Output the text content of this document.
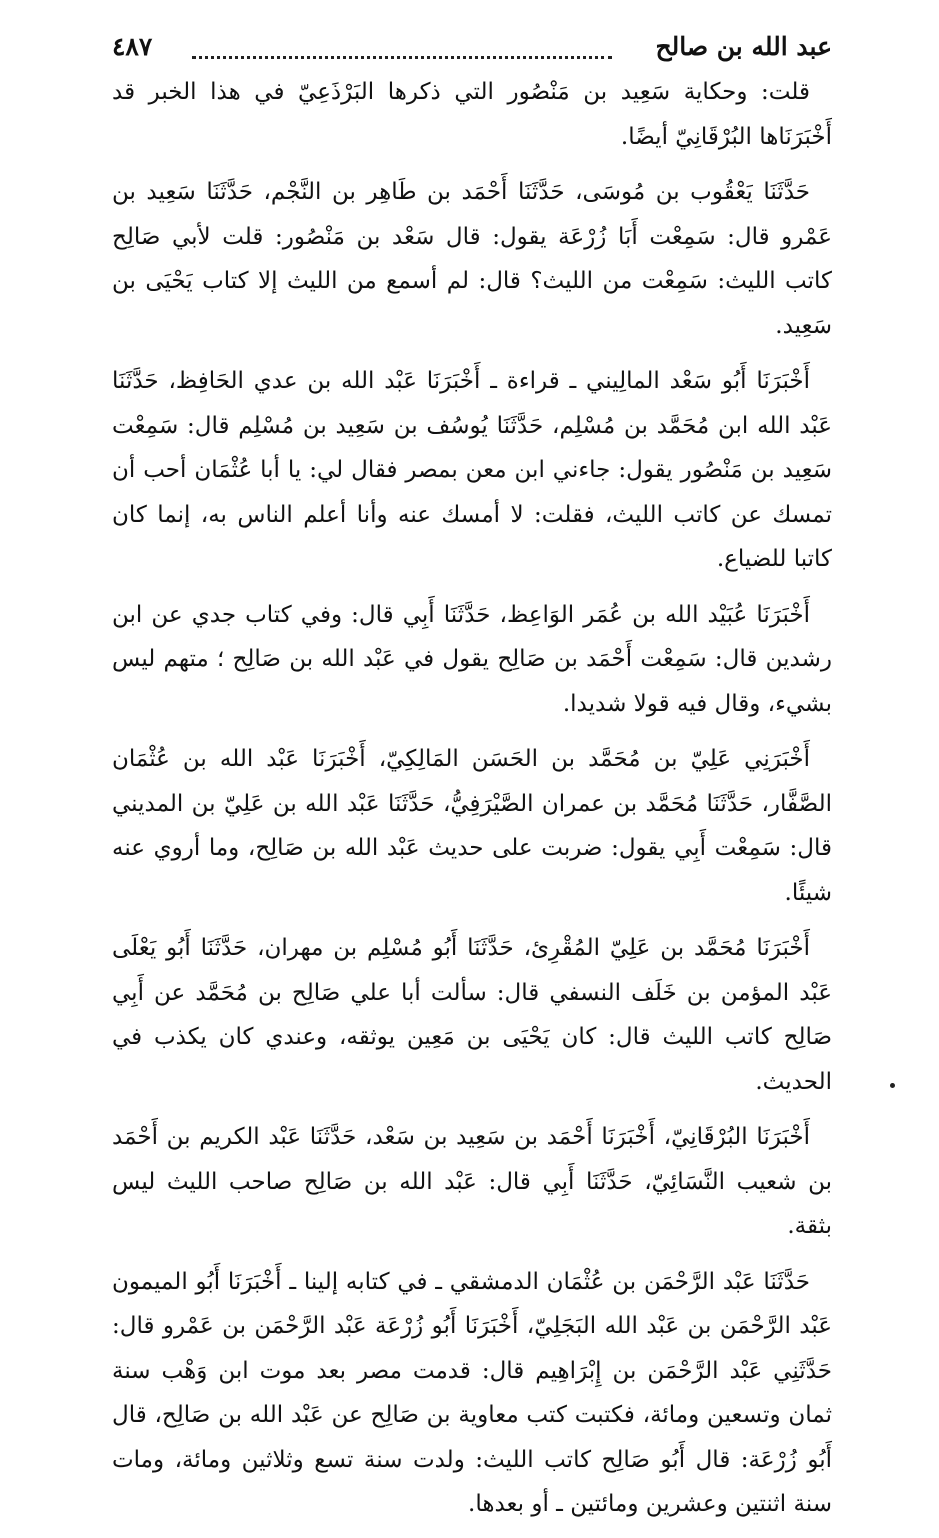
عبد الله بن صالح
٤٨٧

قلت: وحكاية سَعِيد بن مَنْصُور التي ذكرها البَرْذَعِيّ في هذا الخبر قد أَخْبَرَنَاها البُرْقَانِيّ أيضًا.

حَدَّثَنَا يَعْقُوب بن مُوسَى، حَدَّثَنَا أَحْمَد بن طَاهِر بن النَّجْم، حَدَّثَنَا سَعِيد بن عَمْرو قال: سَمِعْت أَبَا زُرْعَة يقول: قال سَعْد بن مَنْصُور: قلت لأبي صَالِح كاتب الليث: سَمِعْت من الليث؟ قال: لم أسمع من الليث إلا كتاب يَحْيَى بن سَعِيد.

أَخْبَرَنَا أَبُو سَعْد المالِيني ـ قراءة ـ أَخْبَرَنَا عَبْد الله بن عدي الحَافِظ، حَدَّثَنَا عَبْد الله ابن مُحَمَّد بن مُسْلِم، حَدَّثَنَا يُوسُف بن سَعِيد بن مُسْلِم قال: سَمِعْت سَعِيد بن مَنْصُور يقول: جاءني ابن معن بمصر فقال لي: يا أبا عُثْمَان أحب أن تمسك عن كاتب الليث، فقلت: لا أمسك عنه وأنا أعلم الناس به، إنما كان كاتبا للضياع.

أَخْبَرَنَا عُبَيْد الله بن عُمَر الوَاعِظ، حَدَّثَنَا أَبِي قال: وفي كتاب جدي عن ابن رشدين قال: سَمِعْت أَحْمَد بن صَالِح يقول في عَبْد الله بن صَالِح ؛ متهم ليس بشيء، وقال فيه قولا شديدا.

أَخْبَرَنِي عَلِيّ بن مُحَمَّد بن الحَسَن المَالِكِيّ، أَخْبَرَنَا عَبْد الله بن عُثْمَان الصَّفَّار، حَدَّثَنَا مُحَمَّد بن عمران الصَّيْرَفِيُّ، حَدَّثَنَا عَبْد الله بن عَلِيّ بن المديني قال: سَمِعْت أَبِي يقول: ضربت على حديث عَبْد الله بن صَالِح، وما أروي عنه شيئًا.

أَخْبَرَنَا مُحَمَّد بن عَلِيّ المُقْرِئ، حَدَّثَنَا أَبُو مُسْلِم بن مهران، حَدَّثَنَا أَبُو يَعْلَى عَبْد المؤمن بن خَلَف النسفي قال: سألت أبا علي صَالِح بن مُحَمَّد عن أَبِي صَالِح كاتب الليث قال: كان يَحْيَى بن مَعِين يوثقه، وعندي كان يكذب في الحديث.

أَخْبَرَنَا البُرْقَانِيّ، أَخْبَرَنَا أَحْمَد بن سَعِيد بن سَعْد، حَدَّثَنَا عَبْد الكريم بن أَحْمَد بن شعيب النَّسَائِيّ، حَدَّثَنَا أَبِي قال: عَبْد الله بن صَالِح صاحب الليث ليس بثقة.

حَدَّثَنَا عَبْد الرَّحْمَن بن عُثْمَان الدمشقي ـ في كتابه إلينا ـ أَخْبَرَنَا أَبُو الميمون عَبْد الرَّحْمَن بن عَبْد الله البَجَلِيّ، أَخْبَرَنَا أَبُو زُرْعَة عَبْد الرَّحْمَن بن عَمْرو قال: حَدَّثَنِي عَبْد الرَّحْمَن بن إِبْرَاهِيم قال: قدمت مصر بعد موت ابن وَهْب سنة ثمان وتسعين ومائة، فكتبت كتب معاوية بن صَالِح عن عَبْد الله بن صَالِح، قال أَبُو زُرْعَة: قال أَبُو صَالِح كاتب الليث: ولدت سنة تسع وثلاثين ومائة، ومات سنة اثنتين وعشرين ومائتين ـ أو بعدها.
